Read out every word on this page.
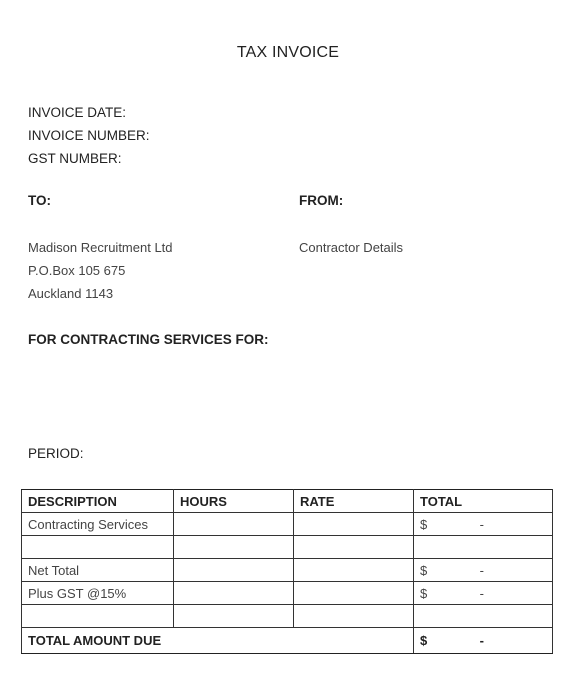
TAX INVOICE
INVOICE DATE:
INVOICE NUMBER:
GST NUMBER:
TO:	FROM:
Madison Recruitment Ltd
P.O.Box 105 675
Auckland 1143
Contractor Details
FOR CONTRACTING SERVICES FOR:
PERIOD:
DESCRIPTION	HOURS	RATE	TOTAL
Contracting Services			$ -

Net Total			$ -

Plus GST @15%			$ -

TOTAL AMOUNT DUE			$ -
